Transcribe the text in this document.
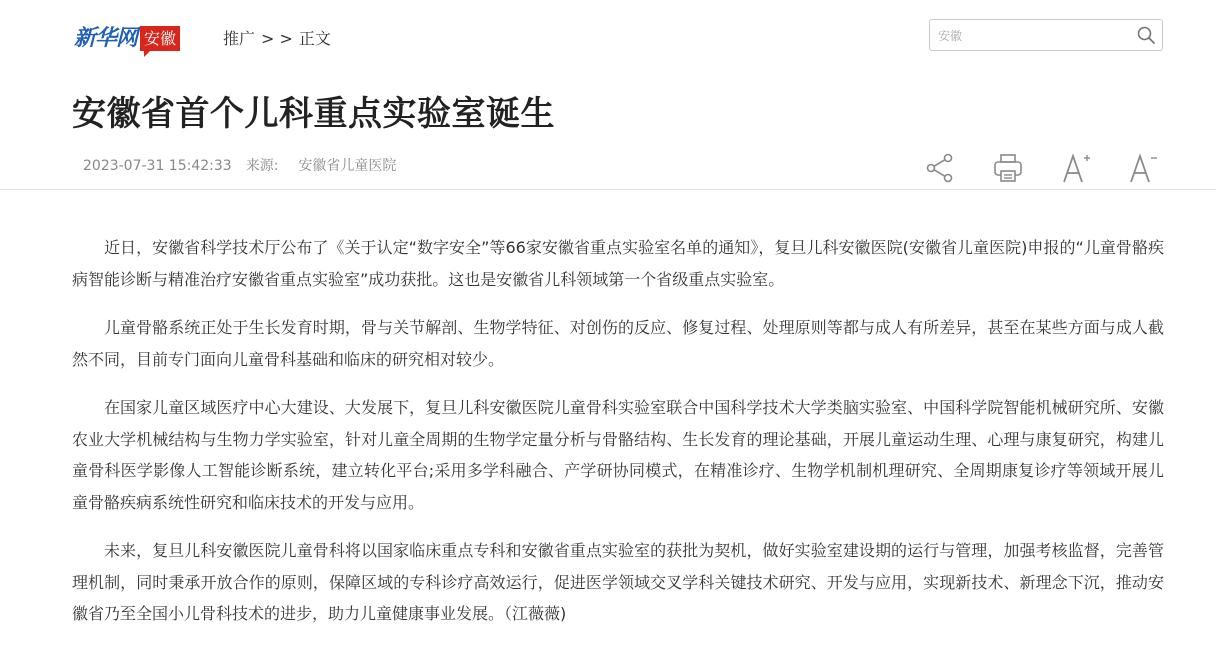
新华网 安徽	推广 > > 正文
安徽
安徽省首个儿科重点实验室诞生
2023-07-31 15:42:33 来源: 安徽省儿童医院

近日，安徽省科学技术厅公布了《关于认定“数字安全”等66家安徽省重点实验室名单的通知》，复旦儿科安徽医院(安徽省儿童医院)申报的“儿童骨骼疾病智能诊断与精准治疗安徽省重点实验室”成功获批。这也是安徽省儿科领域第一个省级重点实验室。

儿童骨骼系统正处于生长发育时期，骨与关节解剖、生物学特征、对创伤的反应、修复过程、处理原则等都与成人有所差异，甚至在某些方面与成人截然不同，目前专门面向儿童骨科基础和临床的研究相对较少。

在国家儿童区域医疗中心大建设、大发展下，复旦儿科安徽医院儿童骨科实验室联合中国科学技术大学类脑实验室、中国科学院智能机械研究所、安徽农业大学机械结构与生物力学实验室，针对儿童全周期的生物学定量分析与骨骼结构、生长发育的理论基础，开展儿童运动生理、心理与康复研究，构建儿童骨科医学影像人工智能诊断系统，建立转化平台;采用多学科融合、产学研协同模式，在精准诊疗、生物学机制机理研究、全周期康复诊疗等领域开展儿童骨骼疾病系统性研究和临床技术的开发与应用。

未来，复旦儿科安徽医院儿童骨科将以国家临床重点专科和安徽省重点实验室的获批为契机，做好实验室建设期的运行与管理，加强考核监督，完善管理机制，同时秉承开放合作的原则，保障区域的专科诊疗高效运行，促进医学领域交叉学科关键技术研究、开发与应用，实现新技术、新理念下沉，推动安徽省乃至全国小儿骨科技术的进步，助力儿童健康事业发展。（江薇薇)
